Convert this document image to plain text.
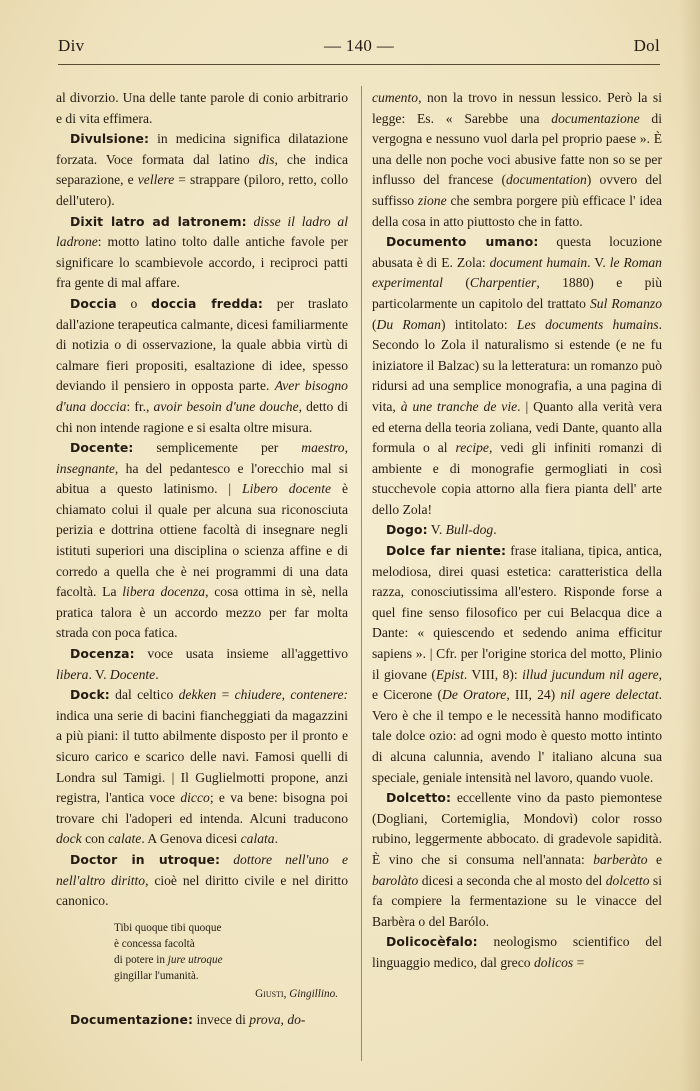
Div	— 140 —	Dol

al divorzio. Una delle tante parole di conio arbitrario e di vita effimera.

Divulsione: in medicina significa dilatazione forzata. Voce formata dal latino dis, che indica separazione, e vellere = strappare (piloro, retto, collo dell'utero).

Dixit latro ad latronem: disse il ladro al ladrone: motto latino tolto dalle antiche favole per significare lo scambievole accordo, i reciproci patti fra gente di mal affare.

Doccia o doccia fredda: per traslato dall'azione terapeutica calmante, dicesi familiarmente di notizia o di osservazione, la quale abbia virtù di calmare fieri propositi, esaltazione di idee, spesso deviando il pensiero in opposta parte. Aver bisogno d'una doccia: fr., avoir besoin d'une douche, detto di chi non intende ragione e si esalta oltre misura.

Docente: semplicemente per maestro, insegnante, ha del pedantesco e l'orecchio mal si abitua a questo latinismo. | Libero docente è chiamato colui il quale per alcuna sua riconosciuta perizia e dottrina ottiene facoltà di insegnare negli istituti superiori una disciplina o scienza affine e di corredo a quella che è nei programmi di una data facoltà. La libera docenza, cosa ottima in sè, nella pratica talora è un accordo mezzo per far molta strada con poca fatica.

Docenza: voce usata insieme all'aggettivo libera. V. Docente.

Dock: dal celtico dekken = chiudere, contenere: indica una serie di bacini fiancheggiati da magazzini a più piani: il tutto abilmente disposto per il pronto e sicuro carico e scarico delle navi. Famosi quelli di Londra sul Tamigi. | Il Guglielmotti propone, anzi registra, l'antica voce dicco; e va bene: bisogna poi trovare chi l'adoperi ed intenda. Alcuni traducono dock con calate. A Genova dicesi calata.

Doctor in utroque: dottore nell'uno e nell'altro diritto, cioè nel diritto civile e nel diritto canonico.

Tibi quoque tibi quoque
è concessa facoltà
di potere in jure utroque
gingillar l'umanità.
Giusti, Gingillino.

Documentazione: invece di prova, do-

cumento, non la trovo in nessun lessico. Però la si legge: Es. « Sarebbe una documentazione di vergogna e nessuno vuol darla pel proprio paese ». È una delle non poche voci abusive fatte non so se per influsso del francese (documentation) ovvero del suffisso zione che sembra porgere più efficace l' idea della cosa in atto piuttosto che in fatto.

Documento umano: questa locuzione abusata è di E. Zola: document humain. V. le Roman experimental (Charpentier, 1880) e più particolarmente un capitolo del trattato Sul Romanzo (Du Roman) intitolato: Les documents humains. Secondo lo Zola il naturalismo si estende (e ne fu iniziatore il Balzac) su la letteratura: un romanzo può ridursi ad una semplice monografia, a una pagina di vita, à une tranche de vie. | Quanto alla verità vera ed eterna della teoria zoliana, vedi Dante, quanto alla formula o al recipe, vedi gli infiniti romanzi di ambiente e di monografie germogliati in così stucchevole copia attorno alla fiera pianta dell' arte dello Zola!

Dogo: V. Bull-dog.

Dolce far niente: frase italiana, tipica, antica, melodiosa, direi quasi estetica: caratteristica della razza, conosciutissima all'estero. Risponde forse a quel fine senso filosofico per cui Belacqua dice a Dante: « quiescendo et sedendo anima efficitur sapiens ». | Cfr. per l'origine storica del motto, Plinio il giovane (Epist. VIII, 8): illud jucundum nil agere, e Cicerone (De Oratore, III, 24) nil agere delectat. Vero è che il tempo e le necessità hanno modificato tale dolce ozio: ad ogni modo è questo motto intinto di alcuna calunnia, avendo l' italiano alcuna sua speciale, geniale intensità nel lavoro, quando vuole.

Dolcetto: eccellente vino da pasto piemontese (Dogliani, Cortemiglia, Mondovì) color rosso rubino, leggermente abbocato. di gradevole sapidità. È vino che si consuma nell'annata: barberàto e barolàto dicesi a seconda che al mosto del dolcetto si fa compiere la fermentazione su le vinacce del Barbèra o del Barólo.

Dolicocèfalo: neologismo scientifico del linguaggio medico, dal greco dolicos =
